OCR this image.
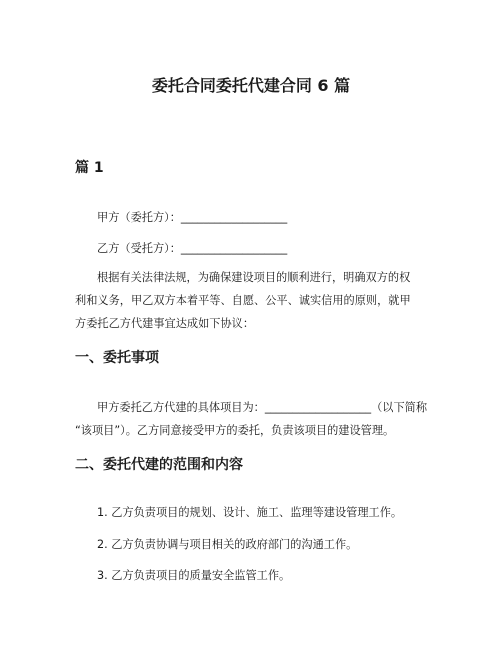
委托合同委托代建合同 6 篇
篇 1

甲方（委托方）：___________________

乙方（受托方）：___________________

根据有关法律法规，为确保建设项目的顺利进行，明确双方的权

利和义务，甲乙双方本着平等、自愿、公平、诚实信用的原则，就甲

方委托乙方代建事宜达成如下协议：

一、委托事项

甲方委托乙方代建的具体项目为：___________________（以下简称

“该项目”）。乙方同意接受甲方的委托，负责该项目的建设管理。

二、委托代建的范围和内容

1. 乙方负责项目的规划、设计、施工、监理等建设管理工作。

2. 乙方负责协调与项目相关的政府部门的沟通工作。

3. 乙方负责项目的质量安全监管工作。
